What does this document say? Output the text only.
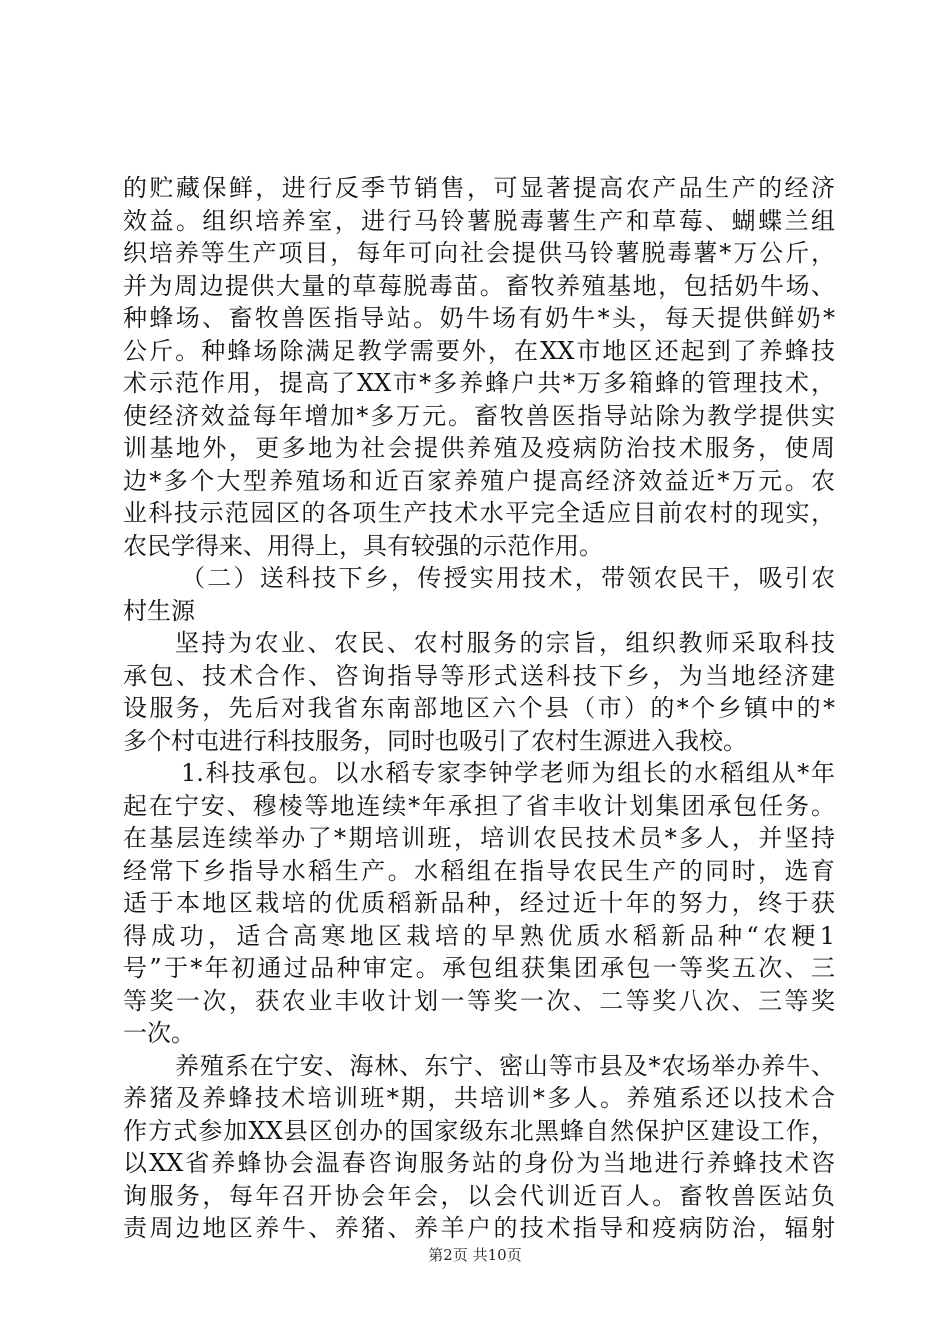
的贮藏保鲜，进行反季节销售，可显著提高农产品生产的经济
效益。组织培养室，进行马铃薯脱毒薯生产和草莓、蝴蝶兰组
织培养等生产项目，每年可向社会提供马铃薯脱毒薯*万公斤，
并为周边提供大量的草莓脱毒苗。畜牧养殖基地，包括奶牛场、
种蜂场、畜牧兽医指导站。奶牛场有奶牛*头，每天提供鲜奶*
公斤。种蜂场除满足教学需要外，在XX市地区还起到了养蜂技
术示范作用，提高了XX市*多养蜂户共*万多箱蜂的管理技术，
使经济效益每年增加*多万元。畜牧兽医指导站除为教学提供实
训基地外，更多地为社会提供养殖及疫病防治技术服务，使周
边*多个大型养殖场和近百家养殖户提高经济效益近*万元。农
业科技示范园区的各项生产技术水平完全适应目前农村的现实，
农民学得来、用得上，具有较强的示范作用。
（二）送科技下乡，传授实用技术，带领农民干，吸引农
村生源
坚持为农业、农民、农村服务的宗旨，组织教师采取科技
承包、技术合作、咨询指导等形式送科技下乡，为当地经济建
设服务，先后对我省东南部地区六个县（市）的*个乡镇中的*
多个村屯进行科技服务，同时也吸引了农村生源进入我校。
1.科技承包。以水稻专家李钟学老师为组长的水稻组从*年
起在宁安、穆棱等地连续*年承担了省丰收计划集团承包任务。
在基层连续举办了*期培训班，培训农民技术员*多人，并坚持
经常下乡指导水稻生产。水稻组在指导农民生产的同时，选育
适于本地区栽培的优质稻新品种，经过近十年的努力，终于获
得成功，适合高寒地区栽培的早熟优质水稻新品种“农粳1
号”于*年初通过品种审定。承包组获集团承包一等奖五次、三
等奖一次，获农业丰收计划一等奖一次、二等奖八次、三等奖
一次。
养殖系在宁安、海林、东宁、密山等市县及*农场举办养牛、
养猪及养蜂技术培训班*期，共培训*多人。养殖系还以技术合
作方式参加XX县区创办的国家级东北黑蜂自然保护区建设工作，
以XX省养蜂协会温春咨询服务站的身份为当地进行养蜂技术咨
询服务，每年召开协会年会，以会代训近百人。畜牧兽医站负
责周边地区养牛、养猪、养羊户的技术指导和疫病防治，辐射
第2页 共10页
